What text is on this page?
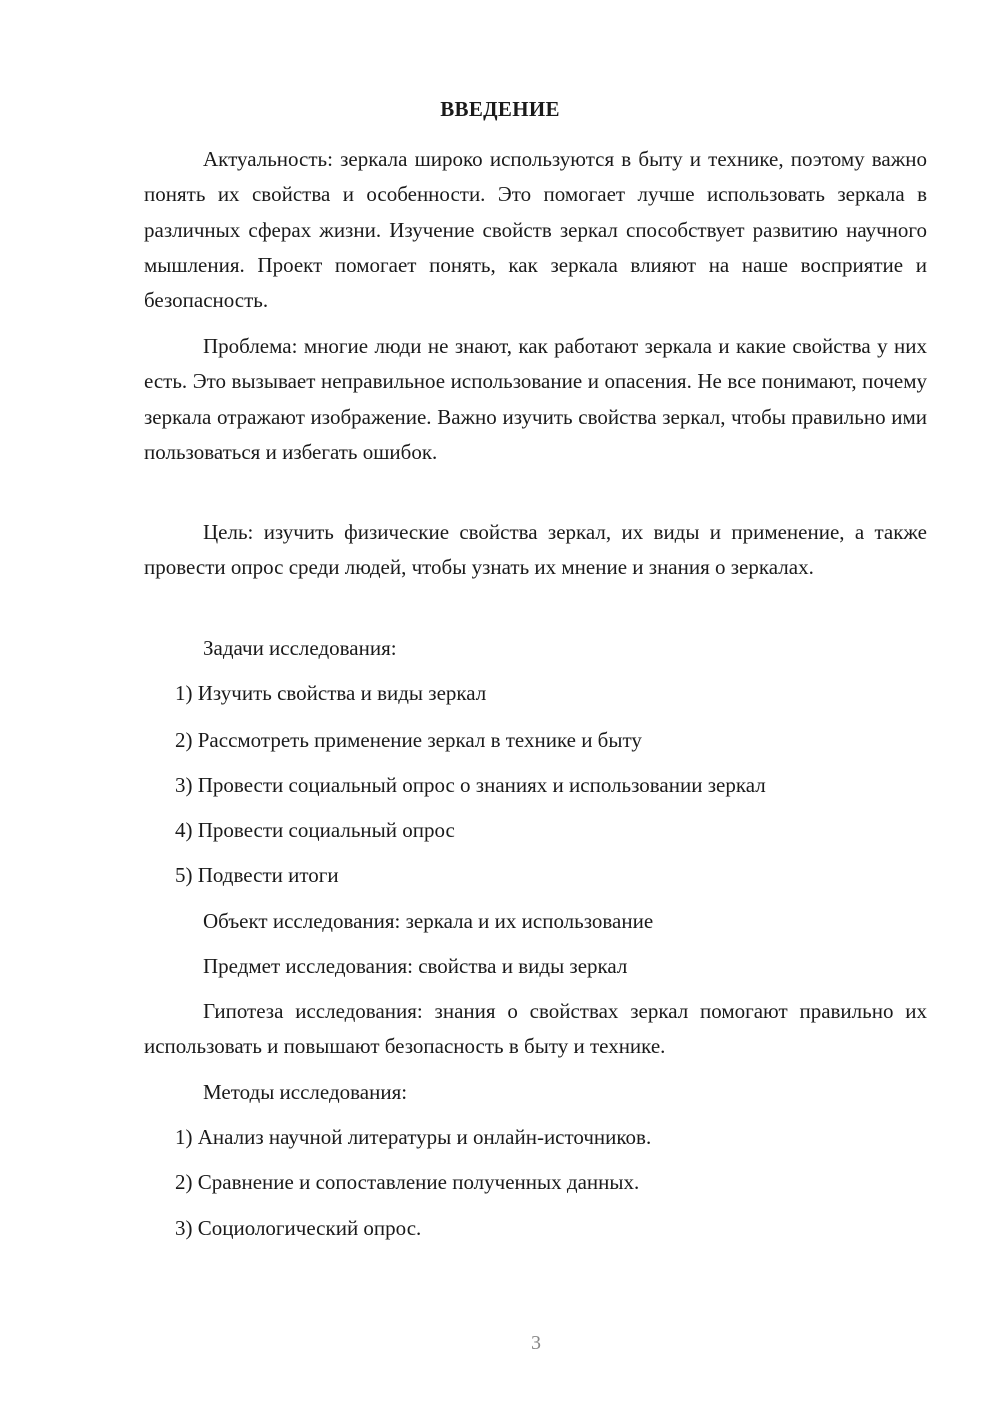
ВВЕДЕНИЕ

Актуальность: зеркала широко используются в быту и технике, поэтому важно понять их свойства и особенности. Это помогает лучше использовать зеркала в различных сферах жизни. Изучение свойств зеркал способствует развитию научного мышления. Проект помогает понять, как зеркала влияют на наше восприятие и безопасность.

Проблема: многие люди не знают, как работают зеркала и какие свойства у них есть. Это вызывает неправильное использование и опасения. Не все понимают, почему зеркала отражают изображение. Важно изучить свойства зеркал, чтобы правильно ими пользоваться и избегать ошибок.

Цель: изучить физические свойства зеркал, их виды и применение, а также провести опрос среди людей, чтобы узнать их мнение и знания о зеркалах.

Задачи исследования:
1) Изучить свойства и виды зеркал
2) Рассмотреть применение зеркал в технике и быту
3) Провести социальный опрос о знаниях и использовании зеркал
4) Провести социальный опрос
5) Подвести итоги
Объект исследования: зеркала и их использование
Предмет исследования: свойства и виды зеркал

Гипотеза исследования: знания о свойствах зеркал помогают правильно их использовать и повышают безопасность в быту и технике.

Методы исследования:
1) Анализ научной литературы и онлайн-источников.
2) Сравнение и сопоставление полученных данных.
3) Социологический опрос.
3
